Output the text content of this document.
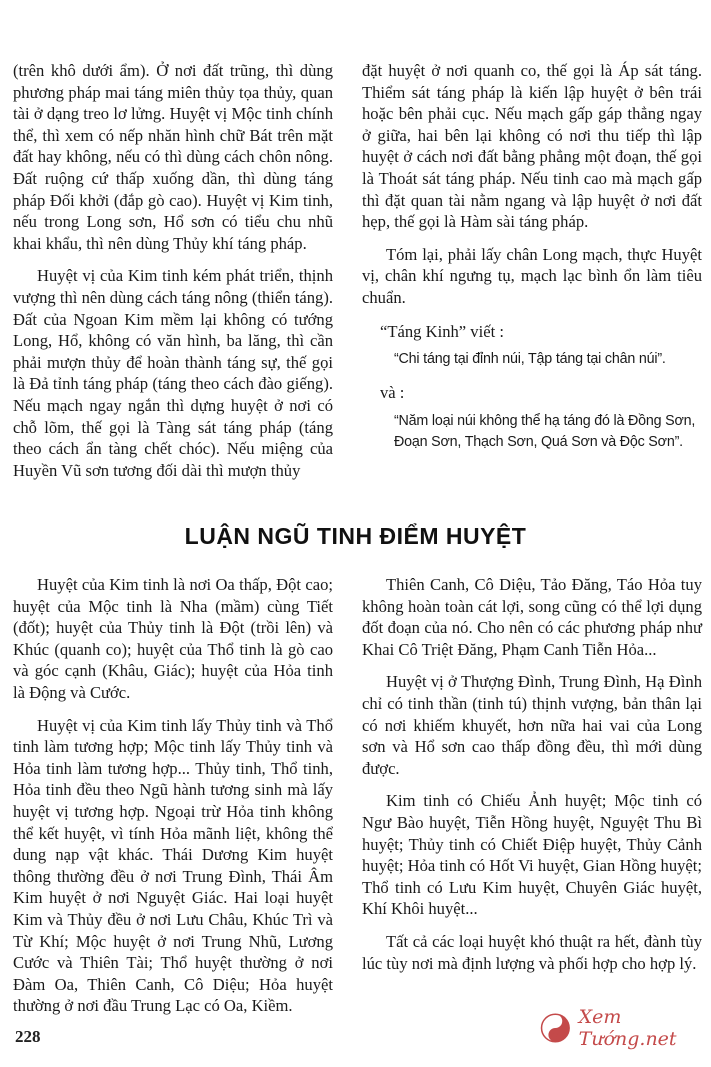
(trên khô dưới ẩm). Ở nơi đất trũng, thì dùng phương pháp mai táng miên thủy tọa thủy, quan tài ở dạng treo lơ lửng. Huyệt vị Mộc tinh chính thể, thì xem có nếp nhăn hình chữ Bát trên mặt đất hay không, nếu có thì dùng cách chôn nông. Đất ruộng cứ thấp xuống dần, thì dùng táng pháp Đối khởi (đắp gò cao). Huyệt vị Kim tinh, nếu trong Long sơn, Hổ sơn có tiểu chu nhũ khai khẩu, thì nên dùng Thủy khí táng pháp.

Huyệt vị của Kim tinh kém phát triển, thịnh vượng thì nên dùng cách táng nông (thiển táng). Đất của Ngoan Kim mềm lại không có tướng Long, Hổ, không có văn hình, ba lăng, thì cần phải mượn thủy để hoàn thành táng sự, thế gọi là Đả tỉnh táng pháp (táng theo cách đào giếng). Nếu mạch ngay ngắn thì dựng huyệt ở nơi có chỗ lõm, thế gọi là Tàng sát táng pháp (táng theo cách ẩn tàng chết chóc). Nếu miệng của Huyền Vũ sơn tương đối dài thì mượn thủy

đặt huyệt ở nơi quanh co, thế gọi là Áp sát táng. Thiểm sát táng pháp là kiến lập huyệt ở bên trái hoặc bên phải cục. Nếu mạch gấp gáp thẳng ngay ở giữa, hai bên lại không có nơi thu tiếp thì lập huyệt ở cách nơi đất bằng phẳng một đoạn, thế gọi là Thoát sát táng pháp. Nếu tinh cao mà mạch gấp thì đặt quan tài nằm ngang và lập huyệt ở nơi đất hẹp, thế gọi là Hàm sài táng pháp.

Tóm lại, phải lấy chân Long mạch, thực Huyệt vị, chân khí ngưng tụ, mạch lạc bình ổn làm tiêu chuẩn.

“Táng Kinh” viết :

“Chi táng tại đỉnh núi, Tập táng tại chân núi”.

và :

“Năm loại núi không thể hạ táng đó là Đồng Sơn, Đoạn Sơn, Thạch Sơn, Quá Sơn và Độc Sơn”.

LUẬN NGŨ TINH ĐIỂM HUYỆT

Huyệt của Kim tinh là nơi Oa thấp, Đột cao; huyệt của Mộc tinh là Nha (mầm) cùng Tiết (đốt); huyệt của Thủy tinh là Đột (trồi lên) và Khúc (quanh co); huyệt của Thổ tinh là gò cao và góc cạnh (Khâu, Giác); huyệt của Hỏa tinh là Động và Cước.

Huyệt vị của Kim tinh lấy Thủy tinh và Thổ tinh làm tương hợp; Mộc tinh lấy Thủy tinh và Hỏa tinh làm tương hợp... Thủy tinh, Thổ tinh, Hỏa tinh đều theo Ngũ hành tương sinh mà lấy huyệt vị tương hợp. Ngoại trừ Hỏa tinh không thể kết huyệt, vì tính Hỏa mãnh liệt, không thể dung nạp vật khác. Thái Dương Kim huyệt thông thường đều ở nơi Trung Đình, Thái Âm Kim huyệt ở nơi Nguyệt Giác. Hai loại huyệt Kim và Thủy đều ở nơi Lưu Châu, Khúc Trì và Từ Khí; Mộc huyệt ở nơi Trung Nhũ, Lương Cước và Thiên Tài; Thổ huyệt thường ở nơi Đàm Oa, Thiên Canh, Cô Diệu; Hỏa huyệt thường ở nơi đầu Trung Lạc có Oa, Kiềm.

Thiên Canh, Cô Diệu, Tảo Đăng, Táo Hỏa tuy không hoàn toàn cát lợi, song cũng có thể lợi dụng đốt đoạn của nó. Cho nên có các phương pháp như Khai Cô Triệt Đăng, Phạm Canh Tiễn Hỏa...

Huyệt vị ở Thượng Đình, Trung Đình, Hạ Đình chỉ có tinh thần (tinh tú) thịnh vượng, bản thân lại có nơi khiếm khuyết, hơn nữa hai vai của Long sơn và Hổ sơn cao thấp đồng đều, thì mới dùng được.

Kim tinh có Chiếu Ảnh huyệt; Mộc tinh có Ngư Bào huyệt, Tiễn Hồng huyệt, Nguyệt Thu Bì huyệt; Thủy tinh có Chiết Điệp huyệt, Thủy Cảnh huyệt; Hỏa tinh có Hốt Vi huyệt, Gian Hồng huyệt; Thổ tinh có Lưu Kim huyệt, Chuyên Giác huyệt, Khí Khôi huyệt...

Tất cả các loại huyệt khó thuật ra hết, đành tùy lúc tùy nơi mà định lượng và phối hợp cho hợp lý.

228
Xem Tướng.net
